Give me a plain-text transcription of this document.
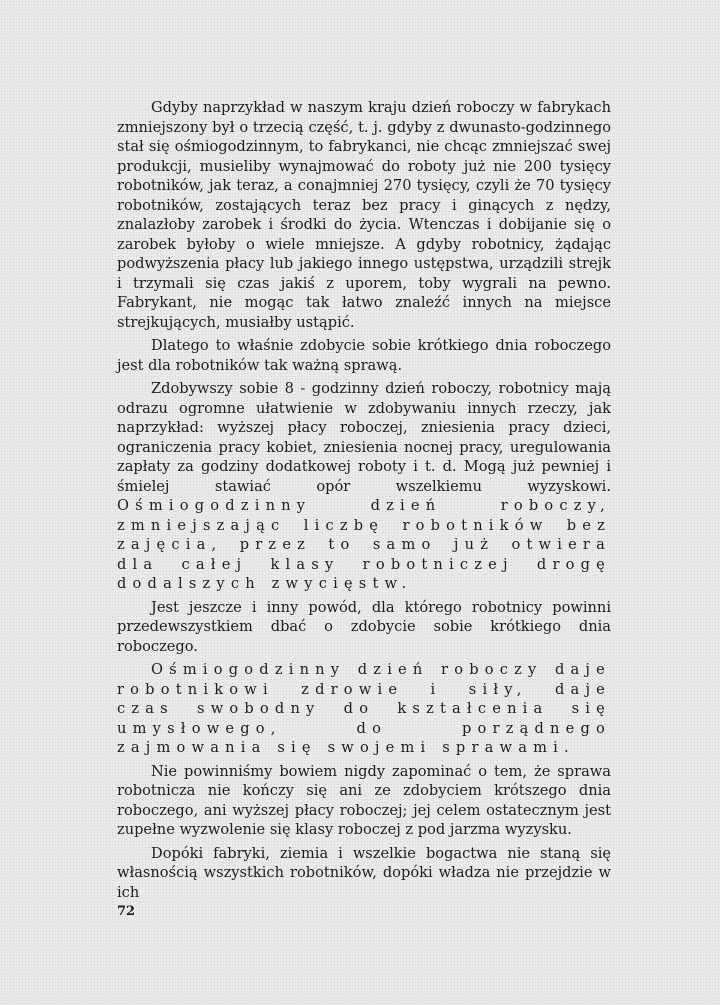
Gdyby naprzykład w naszym kraju dzień roboczy w fabrykach zmniejszony był o trzecią część, t. j. gdyby z dwunasto-godzinnego stał się ośmiogodzinnym, to fabrykanci, nie chcąc zmniejszać swej produkcji, musieliby wynajmować do roboty już nie 200 tysięcy robotników, jak teraz, a conajmniej 270 tysięcy, czyli że 70 tysięcy robotników, zostających teraz bez pracy i ginących z nędzy, znalazłoby zarobek i środki do życia. Wtenczas i dobijanie się o zarobek byłoby o wiele mniejsze. A gdyby robotnicy, żądając podwyższenia płacy lub jakiego innego ustępstwa, urządzili strejk i trzymali się czas jakiś z uporem, toby wygrali na pewno. Fabrykant, nie mogąc tak łatwo znaleźć innych na miejsce strejkujących, musiałby ustąpić.

Dlatego to właśnie zdobycie sobie krótkiego dnia roboczego jest dla robotników tak ważną sprawą.

Zdobywszy sobie 8 - godzinny dzień roboczy, robotnicy mają odrazu ogromne ułatwienie w zdobywaniu innych rzeczy, jak naprzykład: wyższej płacy roboczej, zniesienia pracy dzieci, ograniczenia pracy kobiet, zniesienia nocnej pracy, uregulowania zapłaty za godziny dodatkowej roboty i t. d. Mogą już pewniej i śmielej stawiać opór wszelkiemu wyzyskowi. Ośmiogodzinny dzień roboczy, zmniejszając liczbę robotników bez zajęcia, przez to samo już otwiera dla całej klasy robotniczej drogę dodalszych zwycięstw.

Jest jeszcze i inny powód, dla którego robotnicy powinni przedewszystkiem dbać o zdobycie sobie krótkiego dnia roboczego.

Ośmiogodzinny dzień roboczy daje robotnikowi zdrowie i siły, daje czas swobodny do kształcenia się umysłowego, do porządnego zajmowania się swojemi sprawami.

Nie powinniśmy bowiem nigdy zapominać o tem, że sprawa robotnicza nie kończy się ani ze zdobyciem krótszego dnia roboczego, ani wyższej płacy roboczej; jej celem ostatecznym jest zupełne wyzwolenie się klasy roboczej z pod jarzma wyzysku.

Dopóki fabryki, ziemia i wszelkie bogactwa nie staną się własnością wszystkich robotników, dopóki władza nie przejdzie w ich

72
